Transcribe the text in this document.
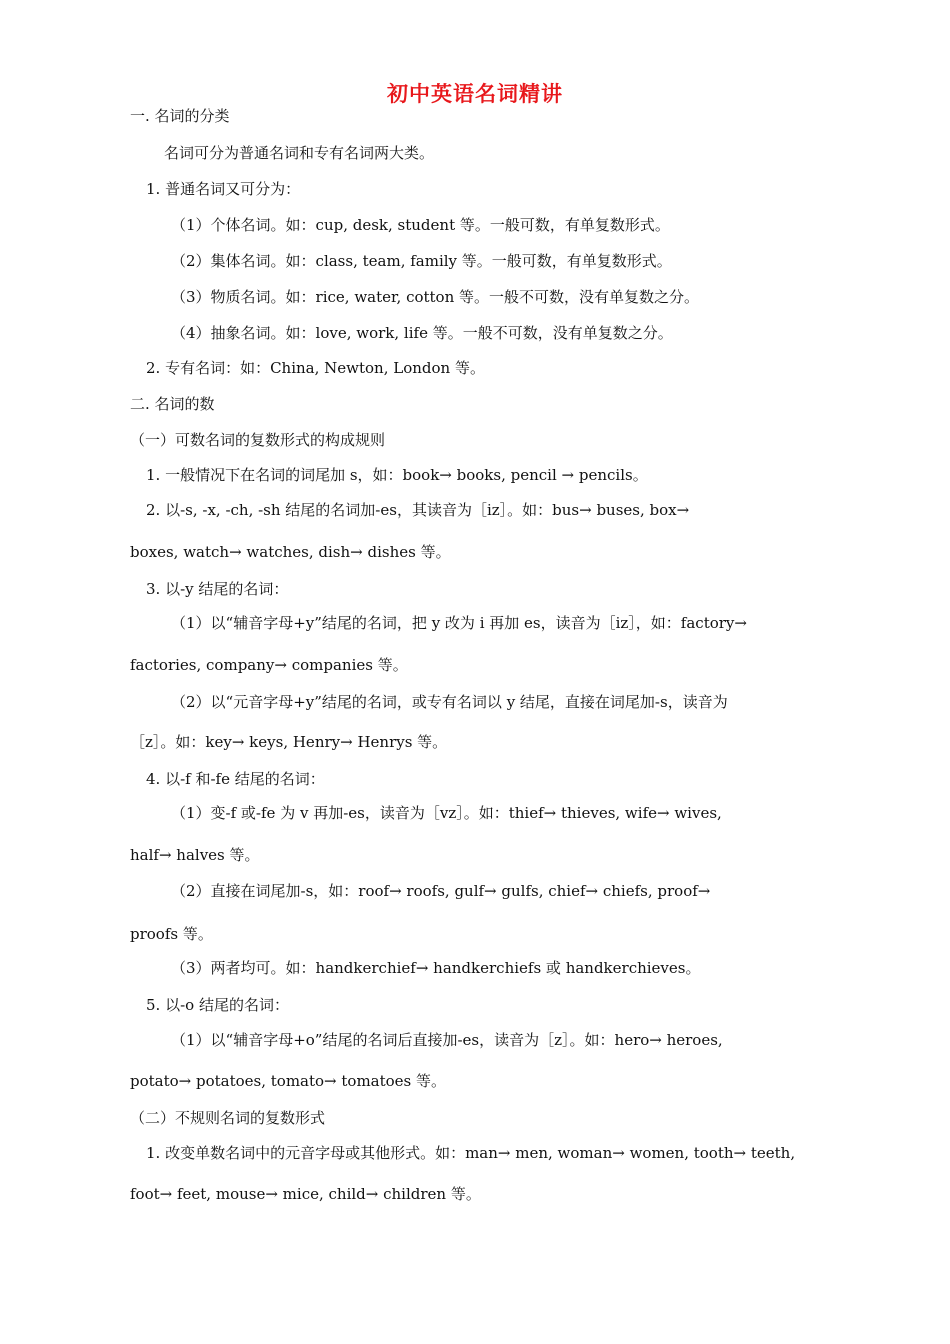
初中英语名词精讲
一. 名词的分类
名词可分为普通名词和专有名词两大类。
1. 普通名词又可分为：
（1）个体名词。如：cup, desk, student 等。一般可数，有单复数形式。
（2）集体名词。如：class, team, family 等。一般可数，有单复数形式。
（3）物质名词。如：rice, water, cotton 等。一般不可数，没有单复数之分。
（4）抽象名词。如：love, work, life 等。一般不可数，没有单复数之分。
2. 专有名词：如：China, Newton, London 等。
二. 名词的数
（一）可数名词的复数形式的构成规则
1. 一般情况下在名词的词尾加 s，如：book→ books, pencil → pencils。
2. 以-s, -x, -ch, -sh 结尾的名词加-es，其读音为［iz］。如：bus→ buses, box→
boxes, watch→ watches, dish→ dishes 等。
3. 以-y 结尾的名词：
（1）以“辅音字母+y”结尾的名词，把 y 改为 i 再加 es，读音为［iz］，如：factory→
factories, company→ companies 等。
（2）以“元音字母+y”结尾的名词，或专有名词以 y 结尾，直接在词尾加-s，读音为
［z］。如：key→ keys, Henry→ Henrys 等。
4. 以-f 和-fe 结尾的名词：
（1）变-f 或-fe 为 v 再加-es，读音为［vz］。如：thief→ thieves, wife→ wives,
half→ halves 等。
（2）直接在词尾加-s，如：roof→ roofs, gulf→ gulfs, chief→ chiefs, proof→
proofs 等。
（3）两者均可。如：handkerchief→ handkerchiefs 或 handkerchieves。
5. 以-o 结尾的名词：
（1）以“辅音字母+o”结尾的名词后直接加-es，读音为［z］。如：hero→ heroes,
potato→ potatoes, tomato→ tomatoes 等。
（二）不规则名词的复数形式
1. 改变单数名词中的元音字母或其他形式。如：man→ men, woman→ women, tooth→ teeth,
foot→ feet, mouse→ mice, child→ children 等。
